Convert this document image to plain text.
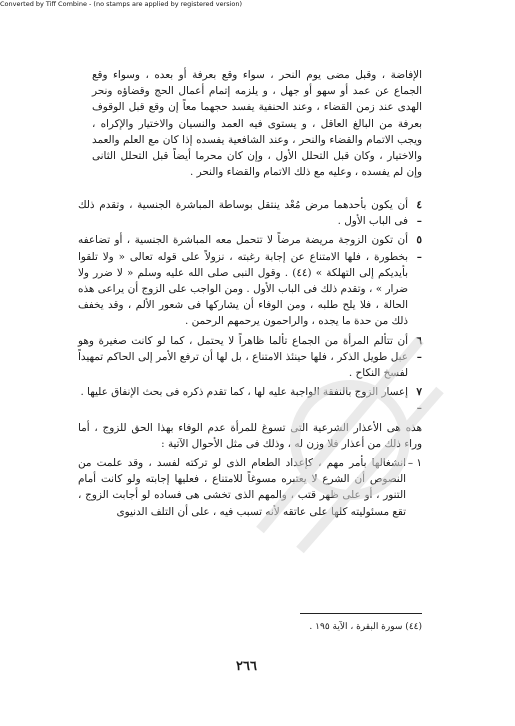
Converted by Tiff Combine - (no stamps are applied by registered version)

الإفاضة ، وقبل مضى يوم النحر ، سواء وقع بعرفة أو بعده ، وسواء وقع الجماع عن عمد أو سهو أو جهل ، و يلزمه إتمام أعمال الحج وقضاؤه ونحر الهدى عند زمن القضاء ، وعند الحنفية يفسد حجهما معاً إن وقع قبل الوقوف بعرفة من البالغ العاقل ، و يستوى فيه العمد والنسيان والاختيار والإكراه ، ويجب الاتمام والقضاء والنحر ، وعند الشافعية يفسده إذا كان مع العلم والعمد والاختيار ، وكان قبل التحلل الأول ، وإن كان محرما أيضاً قبل التحلل الثانى وإن لم يفسده ، وعليه مع ذلك الاتمام والقضاء والنحر .

٤ –
أن يكون بأحدهما مرض مُعْد ينتقل بوساطة المباشرة الجنسية ، وتقدم ذلك فى الباب الأول .
٥ –
أن تكون الزوجة مريضة مرضاً لا تتحمل معه المباشرة الجنسية ، أو تضاعفه بخطورة ، فلها الامتناع عن إجابة رغبته ، نزولاً على قوله تعالى « ولا تلقوا بأيديكم إلى التهلكة » (٤٤) . وقول النبى صلى الله عليه وسلم « لا ضرر ولا ضرار » ، وتقدم ذلك فى الباب الأول . ومن الواجب على الزوج أن يراعى هذه الحالة ، فلا يلح طلبه ، ومن الوفاء أن يشاركها فى شعور الألم ، وقد يخفف ذلك من حدة ما يجده ، والراحمون يرحمهم الرحمن .
٦ –
أن تتألم المرأة من الجماع تألما ظاهراً لا يحتمل ، كما لو كانت صغيرة وهو عبل طويل الذكر ، فلها حينئذ الامتناع ، بل لها أن ترفع الأمر إلى الحاكم تمهيداً لفسخ النكاح .
٧ –
إعسار الزوج بالنفقة الواجبة عليه لها ، كما تقدم ذكره فى بحث الإنفاق عليها .

هذه هى الأعذار الشرعية التى تسوغ للمرأة عدم الوفاء بهذا الحق للزوج ، أما وراء ذلك من أعذار فلا وزن له ، وذلك فى مثل الأحوال الآتية :

١ –
انشغالها بأمر مهم ، كإعداد الطعام الذى لو تركته لفسد ، وقد علمت من النصوص أن الشرع لا يعتبره مسوغاً للامتناع ، فعليها إجابته ولو كانت أمام التنور ، أو على ظهر قتب ، والمهم الذى تخشى هى فساده لو أجابت الزوج ، تقع مسئوليته كلها على عاتقه لأنه تسبب فيه ، على أن التلف الدنيوى
(٤٤) سورة البقرة ، الآية ١٩٥ .
٢٦٦
